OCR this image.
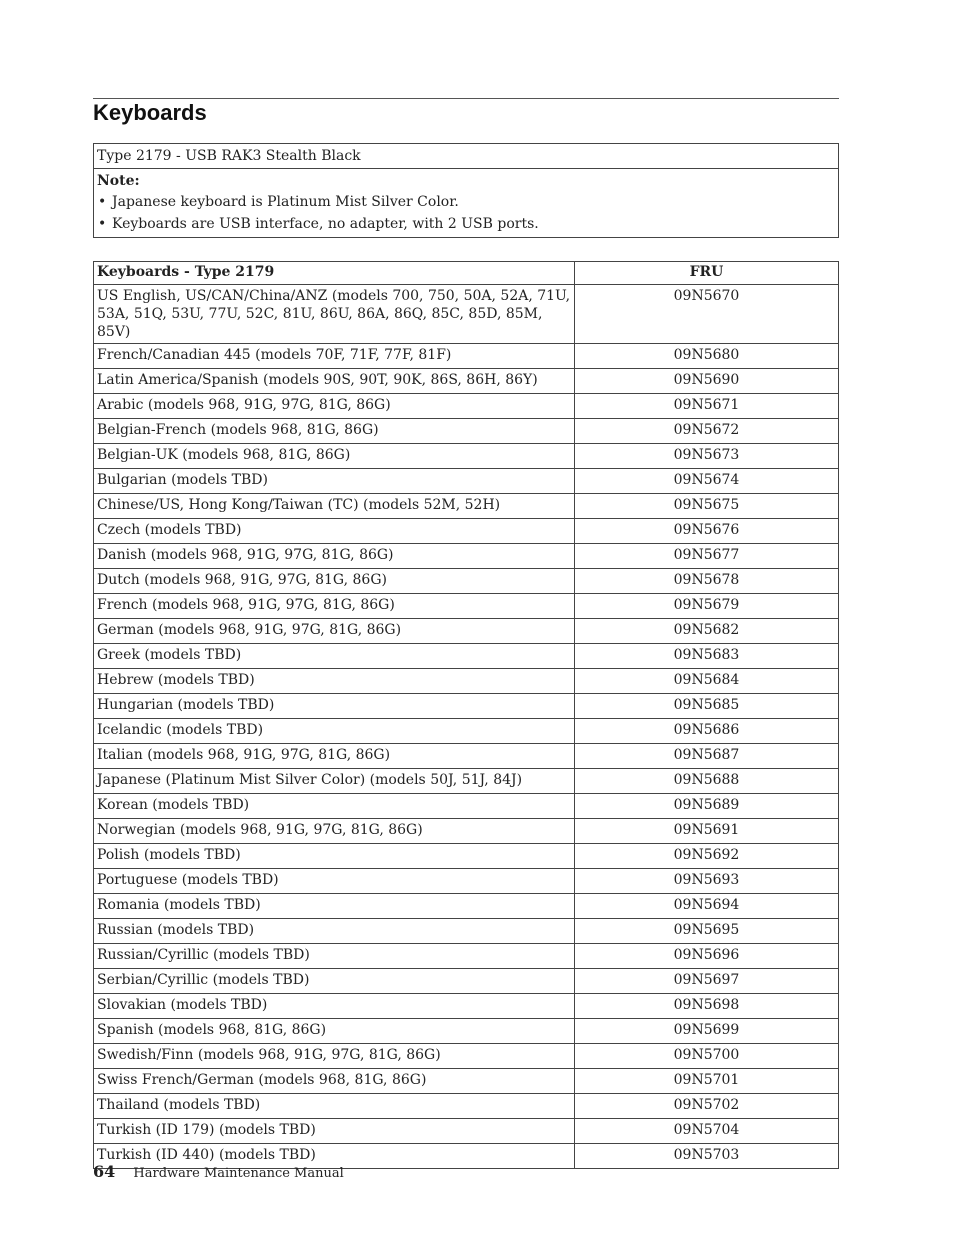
Keyboards
Type 2179 - USB RAK3 Stealth Black

Note:
• Japanese keyboard is Platinum Mist Silver Color.
• Keyboards are USB interface, no adapter, with 2 USB ports.
Keyboards - Type 2179	FRU
US English, US/CAN/China/ANZ (models 700, 750, 50A, 52A, 71U, 53A, 51Q, 53U, 77U, 52C, 81U, 86U, 86A, 86Q, 85C, 85D, 85M, 85V)	09N5670
French/Canadian 445 (models 70F, 71F, 77F, 81F)	09N5680
Latin America/Spanish (models 90S, 90T, 90K, 86S, 86H, 86Y)	09N5690
Arabic (models 968, 91G, 97G, 81G, 86G)	09N5671
Belgian-French (models 968, 81G, 86G)	09N5672
Belgian-UK (models 968, 81G, 86G)	09N5673
Bulgarian (models TBD)	09N5674
Chinese/US, Hong Kong/Taiwan (TC) (models 52M, 52H)	09N5675
Czech (models TBD)	09N5676
Danish (models 968, 91G, 97G, 81G, 86G)	09N5677
Dutch (models 968, 91G, 97G, 81G, 86G)	09N5678
French (models 968, 91G, 97G, 81G, 86G)	09N5679
German (models 968, 91G, 97G, 81G, 86G)	09N5682
Greek (models TBD)	09N5683
Hebrew (models TBD)	09N5684
Hungarian (models TBD)	09N5685
Icelandic (models TBD)	09N5686
Italian (models 968, 91G, 97G, 81G, 86G)	09N5687
Japanese (Platinum Mist Silver Color) (models 50J, 51J, 84J)	09N5688
Korean (models TBD)	09N5689
Norwegian (models 968, 91G, 97G, 81G, 86G)	09N5691
Polish (models TBD)	09N5692
Portuguese (models TBD)	09N5693
Romania (models TBD)	09N5694
Russian (models TBD)	09N5695
Russian/Cyrillic (models TBD)	09N5696
Serbian/Cyrillic (models TBD)	09N5697
Slovakian (models TBD)	09N5698
Spanish (models 968, 81G, 86G)	09N5699
Swedish/Finn (models 968, 91G, 97G, 81G, 86G)	09N5700
Swiss French/German (models 968, 81G, 86G)	09N5701
Thailand (models TBD)	09N5702
Turkish (ID 179) (models TBD)	09N5704
Turkish (ID 440) (models TBD)	09N5703
64 Hardware Maintenance Manual
